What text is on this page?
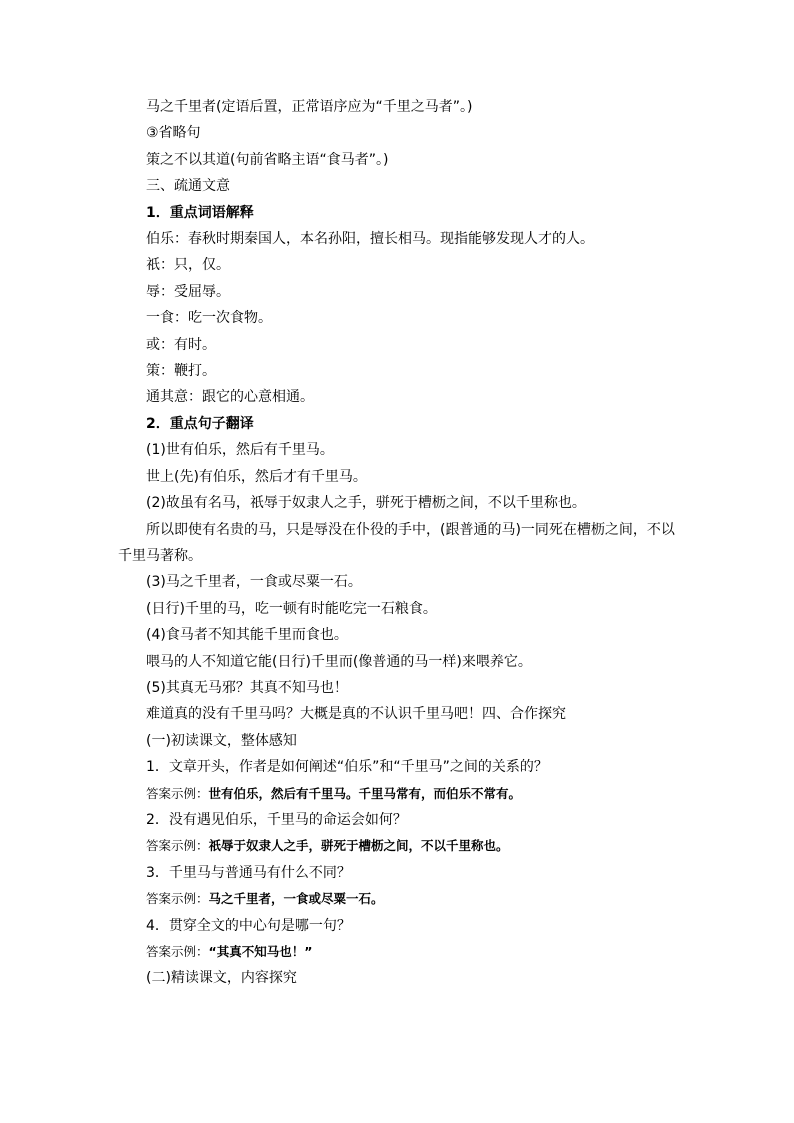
马之千里者(定语后置，正常语序应为“千里之马者”。)
③省略句
策之不以其道(句前省略主语“食马者”。)
三、疏通文意
1．重点词语解释
伯乐：春秋时期秦国人，本名孙阳，擅长相马。现指能够发现人才的人。
祇：只，仅。
辱：受屈辱。
一食：吃一次食物。
或：有时。
策：鞭打。
通其意：跟它的心意相通。
2．重点句子翻译
(1)世有伯乐，然后有千里马。
世上(先)有伯乐，然后才有千里马。
(2)故虽有名马，祇辱于奴隶人之手，骈死于槽枥之间，不以千里称也。
所以即使有名贵的马，只是辱没在仆役的手中，(跟普通的马)一同死在槽枥之间，不以千里马著称。
(3)马之千里者，一食或尽粟一石。
(日行)千里的马，吃一顿有时能吃完一石粮食。
(4)食马者不知其能千里而食也。
喂马的人不知道它能(日行)千里而(像普通的马一样)来喂养它。
(5)其真无马邪？其真不知马也！
难道真的没有千里马吗？大概是真的不认识千里马吧！四、合作探究
(一)初读课文，整体感知
1．文章开头，作者是如何阐述“伯乐”和“千里马”之间的关系的？
答案示例：世有伯乐，然后有千里马。千里马常有，而伯乐不常有。
2．没有遇见伯乐，千里马的命运会如何？
答案示例：祇辱于奴隶人之手，骈死于槽枥之间，不以千里称也。
3．千里马与普通马有什么不同？
答案示例：马之千里者，一食或尽粟一石。
4．贯穿全文的中心句是哪一句？
答案示例：“其真不知马也！”
(二)精读课文，内容探究
